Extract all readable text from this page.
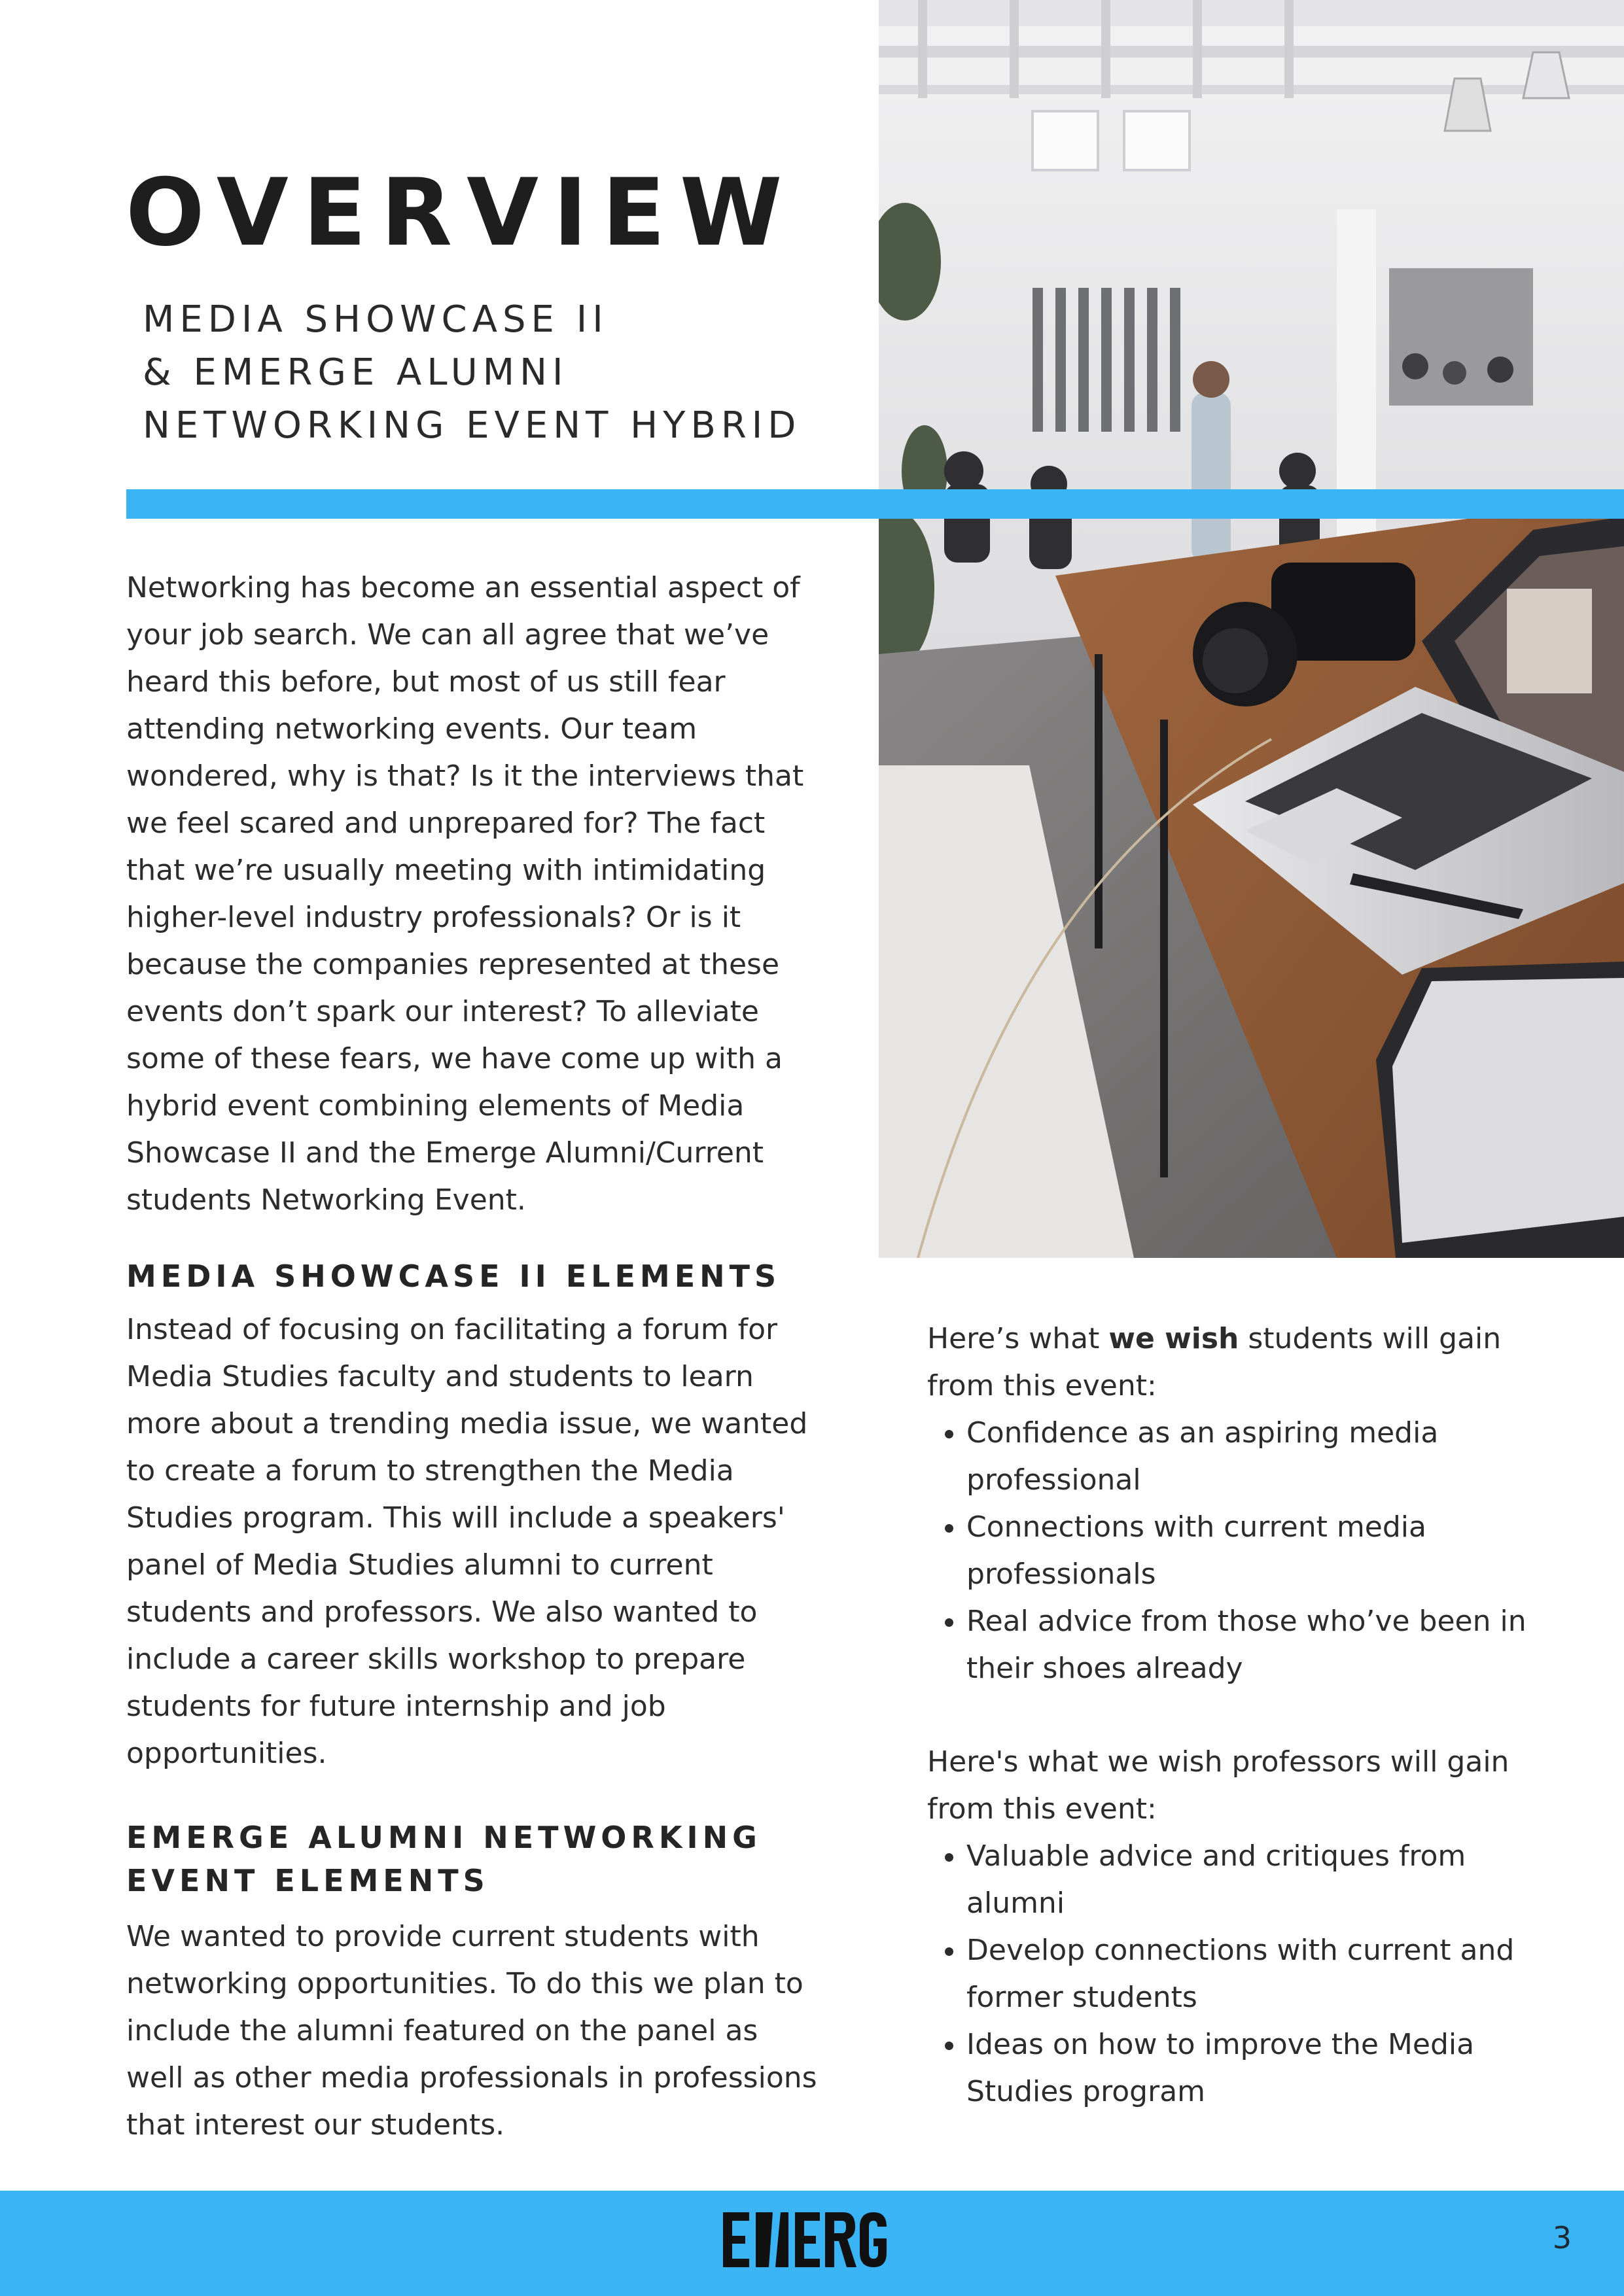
OVERVIEW
MEDIA SHOWCASE II
& EMERGE ALUMNI
NETWORKING EVENT HYBRID

Networking has become an essential aspect of your job search. We can all agree that we’ve heard this before, but most of us still fear attending networking events. Our team wondered, why is that? Is it the interviews that we feel scared and unprepared for? The fact that we’re usually meeting with intimidating higher-level industry professionals? Or is it because the companies represented at these events don’t spark our interest? To alleviate some of these fears, we have come up with a hybrid event combining elements of Media Showcase II and the Emerge Alumni/Current students Networking Event.

MEDIA SHOWCASE II ELEMENTS

Instead of focusing on facilitating a forum for Media Studies faculty and students to learn more about a trending media issue, we wanted to create a forum to strengthen the Media Studies program. This will include a speakers' panel of Media Studies alumni to current students and professors. We also wanted to include a career skills workshop to prepare students for future internship and job opportunities.

EMERGE ALUMNI NETWORKING EVENT ELEMENTS

We wanted to provide current students with networking opportunities. To do this we plan to include the alumni featured on the panel as well as other media professionals in professions that interest our students.

Here’s what we wish students will gain from this event:

• Confidence as an aspiring media professional
• Connections with current media professionals
• Real advice from those who’ve been in their shoes already

Here's what we wish professors will gain from this event:

• Valuable advice and critiques from alumni
• Develop connections with current and former students
• Ideas on how to improve the Media Studies program
3
